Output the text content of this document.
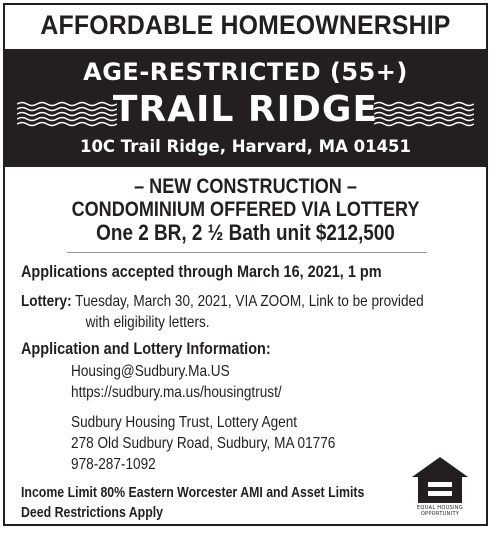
AFFORDABLE HOMEOWNERSHIP
AGE-RESTRICTED (55+)
TRAIL RIDGE
10C Trail Ridge, Harvard, MA 01451
– NEW CONSTRUCTION –
CONDOMINIUM OFFERED VIA LOTTERY
One 2 BR, 2 ½ Bath unit $212,500
Applications accepted through March 16, 2021, 1 pm
Lottery: Tuesday, March 30, 2021, VIA ZOOM, Link to be provided
with eligibility letters.
Application and Lottery Information:
Housing@Sudbury.Ma.US
https://sudbury.ma.us/housingtrust/
Sudbury Housing Trust, Lottery Agent
278 Old Sudbury Road, Sudbury, MA 01776
978-287-1092
Income Limit 80% Eastern Worcester AMI and Asset Limits
Deed Restrictions Apply	EQUAL HOUSING
OPPORTUNITY
